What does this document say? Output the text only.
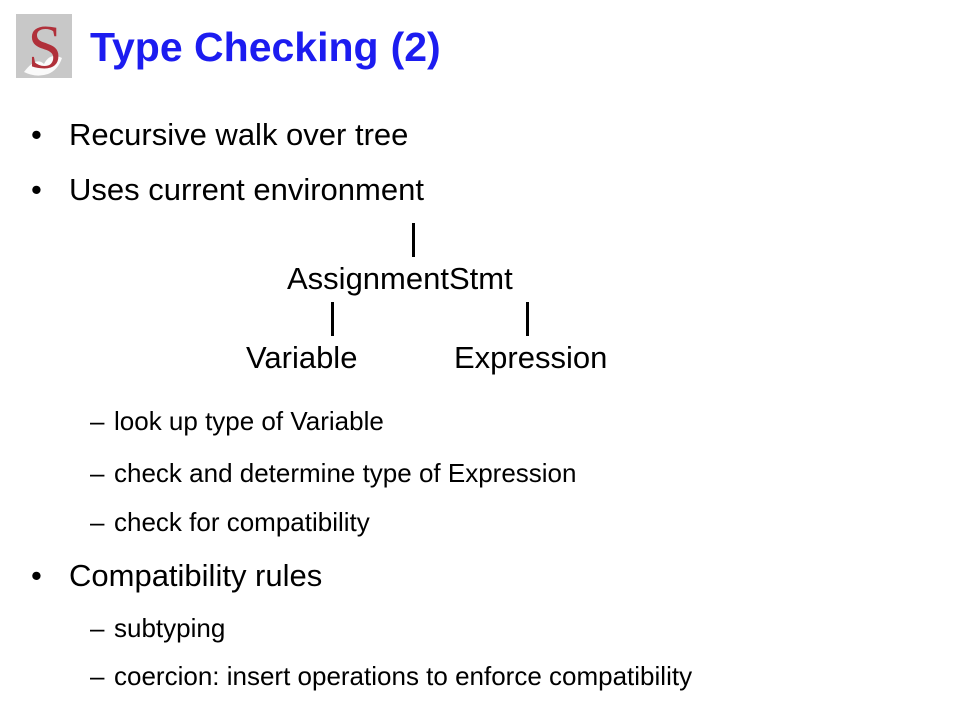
S Type Checking (2)
• Recursive walk over tree
• Uses current environment
AssignmentStmt
Variable	Expression
– look up type of Variable
– check and determine type of Expression
– check for compatibility
• Compatibility rules
– subtyping
– coercion: insert operations to enforce compatibility
